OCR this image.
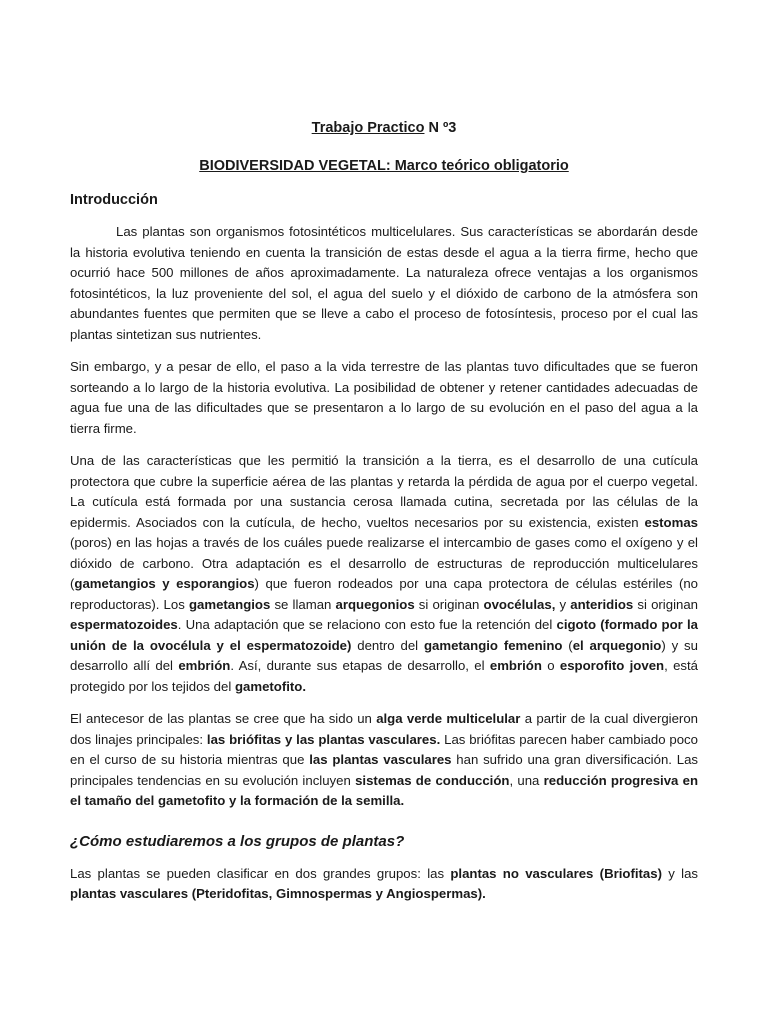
Trabajo Practico N º3

BIODIVERSIDAD VEGETAL: Marco teórico obligatorio

Introducción

Las plantas son organismos fotosintéticos multicelulares. Sus características se abordarán desde la historia evolutiva teniendo en cuenta la transición de estas desde el agua a la tierra firme, hecho que ocurrió hace 500 millones de años aproximadamente. La naturaleza ofrece ventajas a los organismos fotosintéticos, la luz proveniente del sol, el agua del suelo y el dióxido de carbono de la atmósfera son abundantes fuentes que permiten que se lleve a cabo el proceso de fotosíntesis, proceso por el cual las plantas sintetizan sus nutrientes.

Sin embargo, y a pesar de ello, el paso a la vida terrestre de las plantas tuvo dificultades que se fueron sorteando a lo largo de la historia evolutiva. La posibilidad de obtener y retener cantidades adecuadas de agua fue una de las dificultades que se presentaron a lo largo de su evolución en el paso del agua a la tierra firme.

Una de las características que les permitió la transición a la tierra, es el desarrollo de una cutícula protectora que cubre la superficie aérea de las plantas y retarda la pérdida de agua por el cuerpo vegetal. La cutícula está formada por una sustancia cerosa llamada cutina, secretada por las células de la epidermis. Asociados con la cutícula, de hecho, vueltos necesarios por su existencia, existen estomas (poros) en las hojas a través de los cuáles puede realizarse el intercambio de gases como el oxígeno y el dióxido de carbono. Otra adaptación es el desarrollo de estructuras de reproducción multicelulares (gametangios y esporangios) que fueron rodeados por una capa protectora de células estériles (no reproductoras). Los gametangios se llaman arquegonios si originan ovocélulas, y anteridios si originan espermatozoides. Una adaptación que se relaciono con esto fue la retención del cigoto (formado por la unión de la ovocélula y el espermatozoide) dentro del gametangio femenino (el arquegonio) y su desarrollo allí del embrión. Así, durante sus etapas de desarrollo, el embrión o esporofito joven, está protegido por los tejidos del gametofito.

El antecesor de las plantas se cree que ha sido un alga verde multicelular a partir de la cual divergieron dos linajes principales: las briófitas y las plantas vasculares. Las briófitas parecen haber cambiado poco en el curso de su historia mientras que las plantas vasculares han sufrido una gran diversificación. Las principales tendencias en su evolución incluyen sistemas de conducción, una reducción progresiva en el tamaño del gametofito y la formación de la semilla.

¿Cómo estudiaremos a los grupos de plantas?

Las plantas se pueden clasificar en dos grandes grupos: las plantas no vasculares (Briofitas) y las plantas vasculares (Pteridofitas, Gimnospermas y Angiospermas).
